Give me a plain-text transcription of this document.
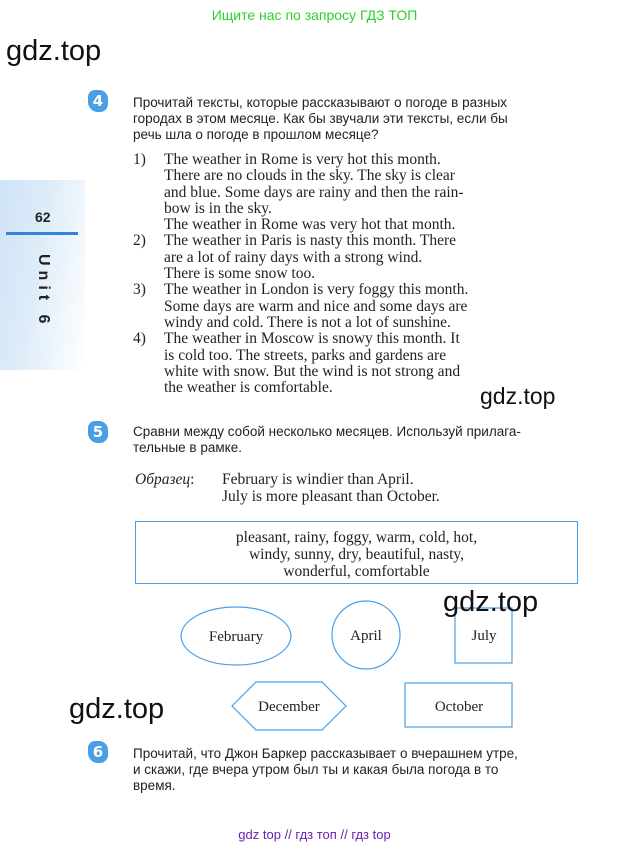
Ищите нас по запросу ГДЗ ТОП
gdz.top
62
Unit 6
4	Прочитай тексты, которые рассказывают о погоде в разных
городах в этом месяце. Как бы звучали эти тексты, если бы
речь шла о погоде в прошлом месяце?
1) The weather in Rome is very hot this month.
There are no clouds in the sky. The sky is clear
and blue. Some days are rainy and then the rain-
bow is in the sky.
The weather in Rome was very hot that month.
2) The weather in Paris is nasty this month. There
are a lot of rainy days with a strong wind.
There is some snow too.
3) The weather in London is very foggy this month.
Some days are warm and nice and some days are
windy and cold. There is not a lot of sunshine.
4) The weather in Moscow is snowy this month. It
is cold too. The streets, parks and gardens are
white with snow. But the wind is not strong and
the weather is comfortable.	gdz.top
5	Сравни между собой несколько месяцев. Используй прилага-
тельные в рамке.
Образец: February is windier than April.
July is more pleasant than October.
pleasant, rainy, foggy, warm, cold, hot,
windy, sunny, dry, beautiful, nasty,
wonderful, comfortable
February	April	July
December	October
gdz.top
gdz.top
6	Прочитай, что Джон Баркер рассказывает о вчерашнем утре,
и скажи, где вчера утром был ты и какая была погода в то
время.
gdz top // гдз топ // гдз top
